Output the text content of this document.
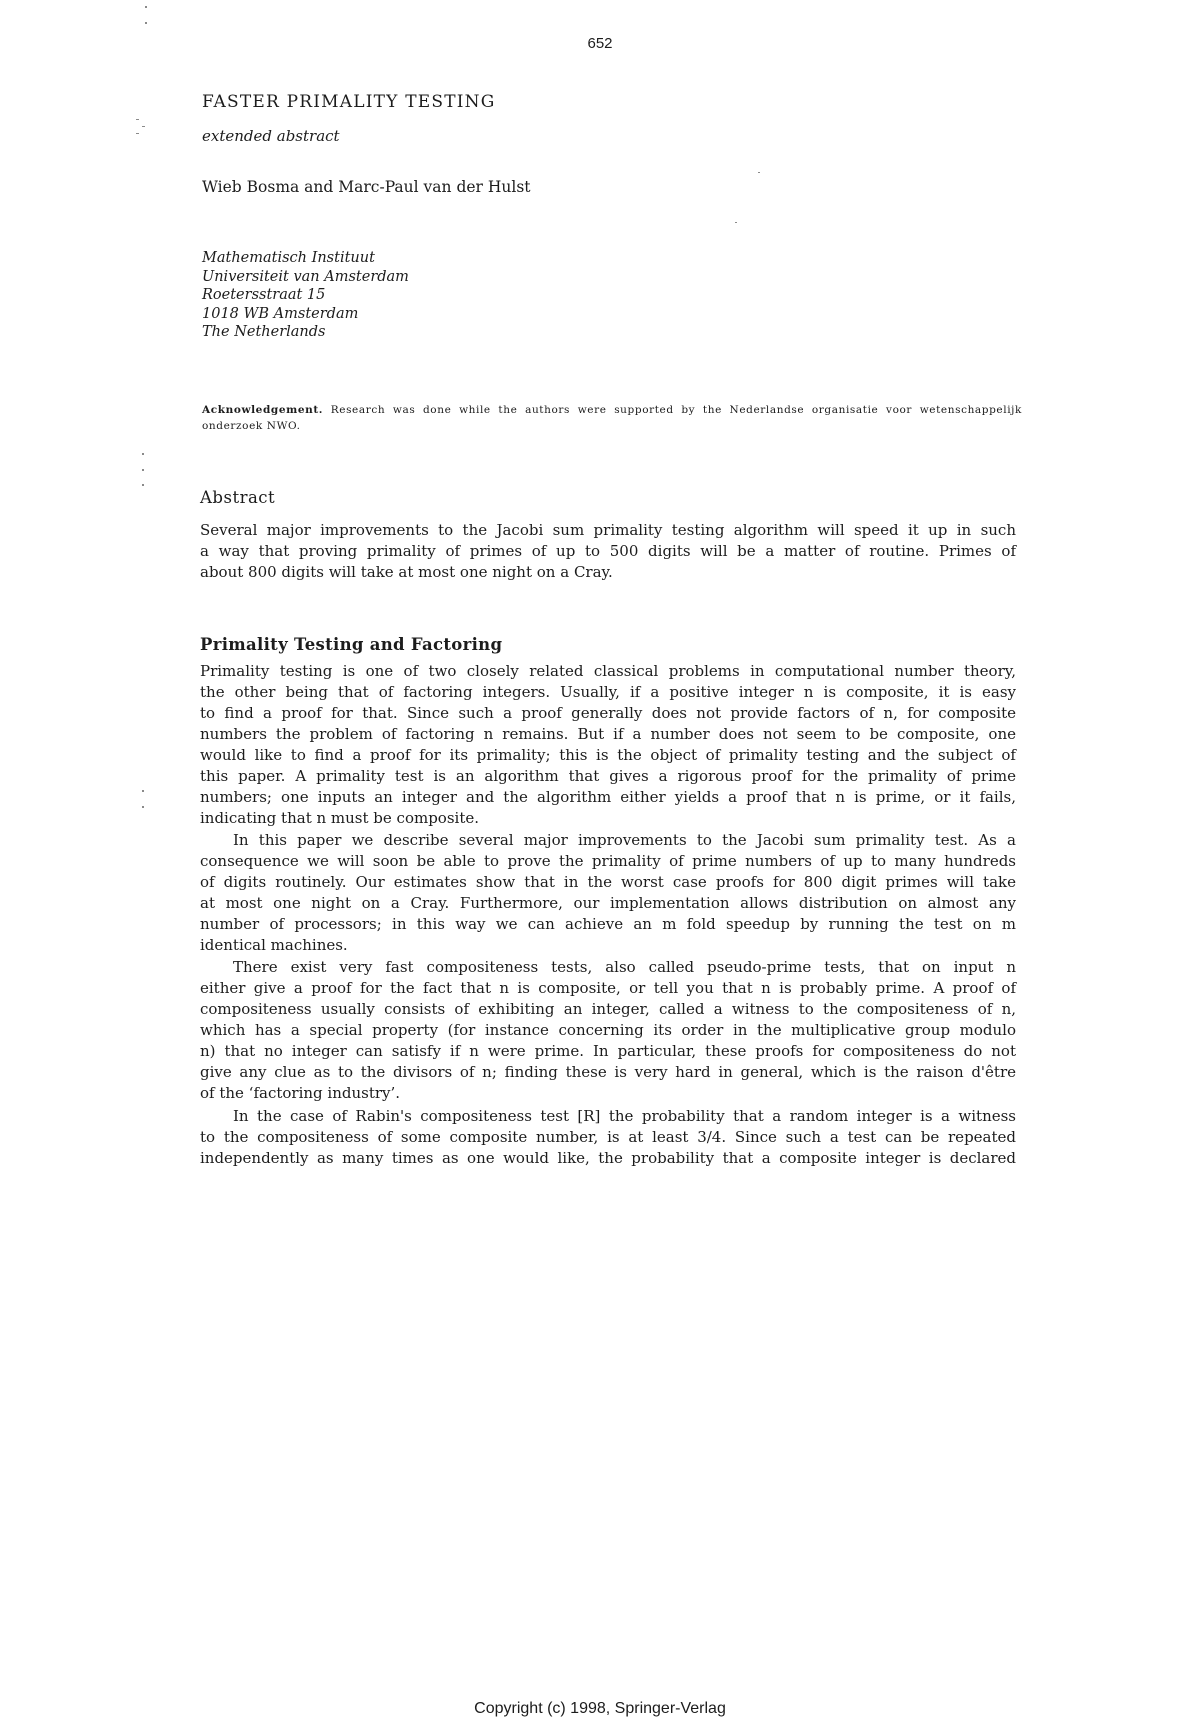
652
FASTER PRIMALITY TESTING
extended abstract
Wieb Bosma and Marc-Paul van der Hulst
Mathematisch Instituut
Universiteit van Amsterdam
Roetersstraat 15
1018 WB Amsterdam
The Netherlands
Acknowledgement. Research was done while the authors were supported by the Nederlandse organisatie voor wetenschappelijk onderzoek NWO.
Abstract
Several major improvements to the Jacobi sum primality testing algorithm will speed it up in such
a way that proving primality of primes of up to 500 digits will be a matter of routine. Primes of
about 800 digits will take at most one night on a Cray.
Primality Testing and Factoring
Primality testing is one of two closely related classical problems in computational number theory,
the other being that of factoring integers. Usually, if a positive integer n is composite, it is easy
to find a proof for that. Since such a proof generally does not provide factors of n, for composite
numbers the problem of factoring n remains. But if a number does not seem to be composite, one
would like to find a proof for its primality; this is the object of primality testing and the subject of
this paper. A primality test is an algorithm that gives a rigorous proof for the primality of prime
numbers; one inputs an integer and the algorithm either yields a proof that n is prime, or it fails,
indicating that n must be composite.
In this paper we describe several major improvements to the Jacobi sum primality test. As a
consequence we will soon be able to prove the primality of prime numbers of up to many hundreds
of digits routinely. Our estimates show that in the worst case proofs for 800 digit primes will take
at most one night on a Cray. Furthermore, our implementation allows distribution on almost any
number of processors; in this way we can achieve an m fold speedup by running the test on m
identical machines.
There exist very fast compositeness tests, also called pseudo-prime tests, that on input n
either give a proof for the fact that n is composite, or tell you that n is probably prime. A proof of
compositeness usually consists of exhibiting an integer, called a witness to the compositeness of n,
which has a special property (for instance concerning its order in the multiplicative group modulo
n) that no integer can satisfy if n were prime. In particular, these proofs for compositeness do not
give any clue as to the divisors of n; finding these is very hard in general, which is the raison d'être
of the ‘factoring industry’.
In the case of Rabin's compositeness test [R] the probability that a random integer is a witness
to the compositeness of some composite number, is at least 3/4. Since such a test can be repeated
independently as many times as one would like, the probability that a composite integer is declared
Copyright (c) 1998, Springer-Verlag
